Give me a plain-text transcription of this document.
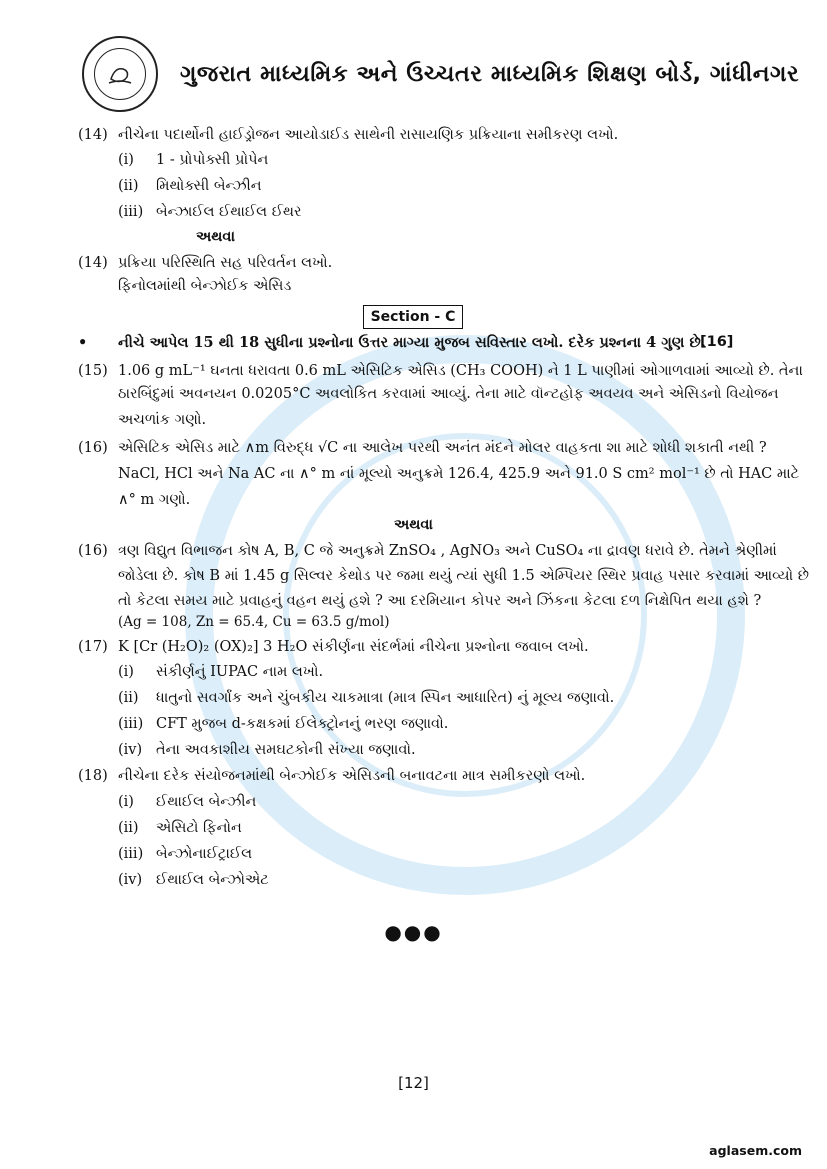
ગુજરાત માધ્યમિક અને ઉચ્ચતર માધ્યમિક શિક્ષણ બોર્ડ, ગાંધીનગર
(14) નીચેના પદાર્થોની હાઈડ્રોજન આયોડાઈડ સાથેની રાસાયણિક પ્રક્રિયાના સમીકરણ લખો.
(i) 1 - પ્રોપોક્સી પ્રોપેન
(ii) મિથોક્સી બેન્ઝીન
(iii) બેન્ઝાઈલ ઈથાઈલ ઈથર
અથવા
(14) પ્રક્રિયા પરિસ્થિતિ સહ પરિવર્તન લખો.
ફિનોલમાંથી બેન્ઝોઈક એસિડ
Section - C
• નીચે આપેલ 15 થી 18 સુધીના પ્રશ્નોના ઉત્તર માગ્યા મુજબ સવિસ્તાર લખો. દરેક પ્રશ્નના 4 ગુણ છે.
[16]
(15) 1.06 g mL⁻¹ ઘનતા ધરાવતા 0.6 mL એસિટિક એસિડ (CH₃ COOH) ને 1 L પાણીમાં ઓગાળવામાં આવ્યો છે. તેના
ઠારબિંદુમાં અવનયન 0.0205°C અવલોકિત કરવામાં આવ્યું. તેના માટે વૉન્ટહોફ અવયવ અને એસિડનો વિયોજન
અચળાંક ગણો.
(16) એસિટિક એસિડ માટે ∧m વિરુદ્ધ √C ના આલેખ પરથી અનંત મંદને મોલર વાહકતા શા માટે શોધી શકાતી નથી ?
NaCl, HCl અને Na AC ના ∧° m નાં મૂલ્યો અનુક્રમે 126.4, 425.9 અને 91.0 S cm² mol⁻¹ છે તો HAC માટે
∧° m ગણો.
અથવા
(16) ત્રણ વિદ્યુત વિભાજન કોષ A, B, C જે અનુક્રમે ZnSO₄ , AgNO₃ અને CuSO₄ ના દ્રાવણ ધરાવે છે. તેમને શ્રેણીમાં
જોડેલા છે. કોષ B માં 1.45 g સિલ્વર કેથોડ પર જમા થયું ત્યાં સુધી 1.5 એમ્પિયર સ્થિર પ્રવાહ પસાર કરવામાં આવ્યો છે
તો કેટલા સમય માટે પ્રવાહનું વહન થયું હશે ? આ દરમિયાન કોપર અને ઝિંકના કેટલા દળ નિક્ષેપિત થયા હશે ?
(Ag = 108, Zn = 65.4, Cu = 63.5 g/mol)
(17) K [Cr (H₂O)₂ (OX)₂] 3 H₂O સંકીર્ણના સંદર્ભમાં નીચેના પ્રશ્નોના જવાબ લખો.
(i) સંકીર્ણનું IUPAC નામ લખો.
(ii) ધાતુનો સવર્ગાંક અને ચુંબકીય ચાકમાત્રા (માત્ર સ્પિન આધારિત) નું મૂલ્ય જણાવો.
(iii) CFT મુજબ d-કક્ષકમાં ઈલેક્ટ્રોનનું ભરણ જણાવો.
(iv) તેના અવકાશીય સમઘટકોની સંખ્યા જણાવો.
(18) નીચેના દરેક સંયોજનમાંથી બેન્ઝોઈક એસિડની બનાવટના માત્ર સમીકરણો લખો.
(i) ઈથાઈલ બેન્ઝીન
(ii) એસિટો ફિનોન
(iii) બેન્ઝોનાઈટ્રાઈલ
(iv) ઈથાઈલ બેન્ઝોએટ
●●●
[12]
aglasem.com
